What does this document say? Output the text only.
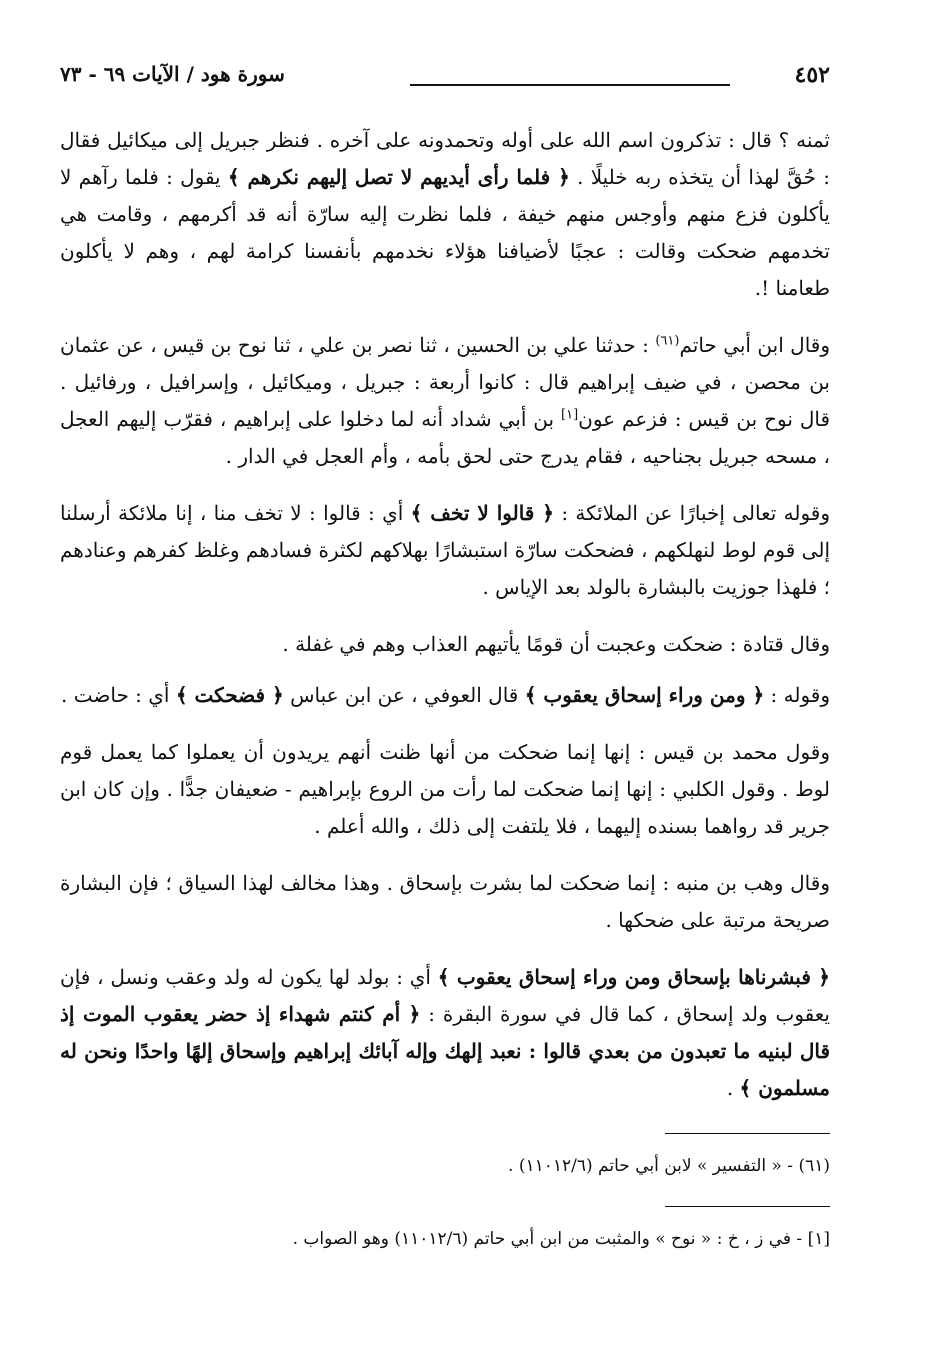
٤٥٢
سورة هود / الآيات ٦٩ - ٧٣

ثمنه ؟ قال : تذكرون اسم الله على أوله وتحمدونه على آخره . فنظر جبريل إلى ميكائيل فقال : حُقَّ لهذا أن يتخذه ربه خليلًا . ﴿ فلما رأى أيديهم لا تصل إليهم نكرهم ﴾ يقول : فلما رآهم لا يأكلون فزع منهم وأوجس منهم خيفة ، فلما نظرت إليه سارّة أنه قد أكرمهم ، وقامت هي تخدمهم ضحكت وقالت : عجبًا لأضيافنا هؤلاء نخدمهم بأنفسنا كرامة لهم ، وهم لا يأكلون طعامنا !.

وقال ابن أبي حاتم$^{(٦١)}$ : حدثنا علي بن الحسين ، ثنا نصر بن علي ، ثنا نوح بن قيس ، عن عثمان بن محصن ، في ضيف إبراهيم قال : كانوا أربعة : جبريل ، وميكائيل ، وإسرافيل ، ورفائيل . قال نوح بن قيس : فزعم عون[١] بن أبي شداد أنه لما دخلوا على إبراهيم ، فقرّب إليهم العجل ، مسحه جبريل بجناحيه ، فقام يدرج حتى لحق بأمه ، وأم العجل في الدار .

وقوله تعالى إخبارًا عن الملائكة : ﴿ قالوا لا تخف ﴾ أي : قالوا : لا تخف منا ، إنا ملائكة أرسلنا إلى قوم لوط لنهلكهم ، فضحكت سارّة استبشارًا بهلاكهم لكثرة فسادهم وغلظ كفرهم وعنادهم ؛ فلهذا جوزيت بالبشارة بالولد بعد الإياس .

وقال قتادة : ضحكت وعجبت أن قومًا يأتيهم العذاب وهم في غفلة .

وقوله : ﴿ ومن وراء إسحاق يعقوب ﴾ قال العوفي ، عن ابن عباس ﴿ فضحكت ﴾ أي : حاضت .

وقول محمد بن قيس : إنها إنما ضحكت من أنها ظنت أنهم يريدون أن يعملوا كما يعمل قوم لوط . وقول الكلبي : إنها إنما ضحكت لما رأت من الروع بإبراهيم - ضعيفان جدًّا . وإن كان ابن جرير قد رواهما بسنده إليهما ، فلا يلتفت إلى ذلك ، والله أعلم .

وقال وهب بن منبه : إنما ضحكت لما بشرت بإسحاق . وهذا مخالف لهذا السياق ؛ فإن البشارة صريحة مرتبة على ضحكها .

﴿ فبشرناها بإسحاق ومن وراء إسحاق يعقوب ﴾ أي : بولد لها يكون له ولد وعقب ونسل ، فإن يعقوب ولد إسحاق ، كما قال في سورة البقرة : ﴿ أم كنتم شهداء إذ حضر يعقوب الموت إذ قال لبنيه ما تعبدون من بعدي قالوا : نعبد إلهك وإله آبائك إبراهيم وإسحاق إلهًا واحدًا ونحن له مسلمون ﴾ .

(٦١) - « التفسير » لابن أبي حاتم (١١٠١٢/٦) .

[١] - في ز ، خ : « نوح » والمثبت من ابن أبي حاتم (١١٠١٢/٦) وهو الصواب .
